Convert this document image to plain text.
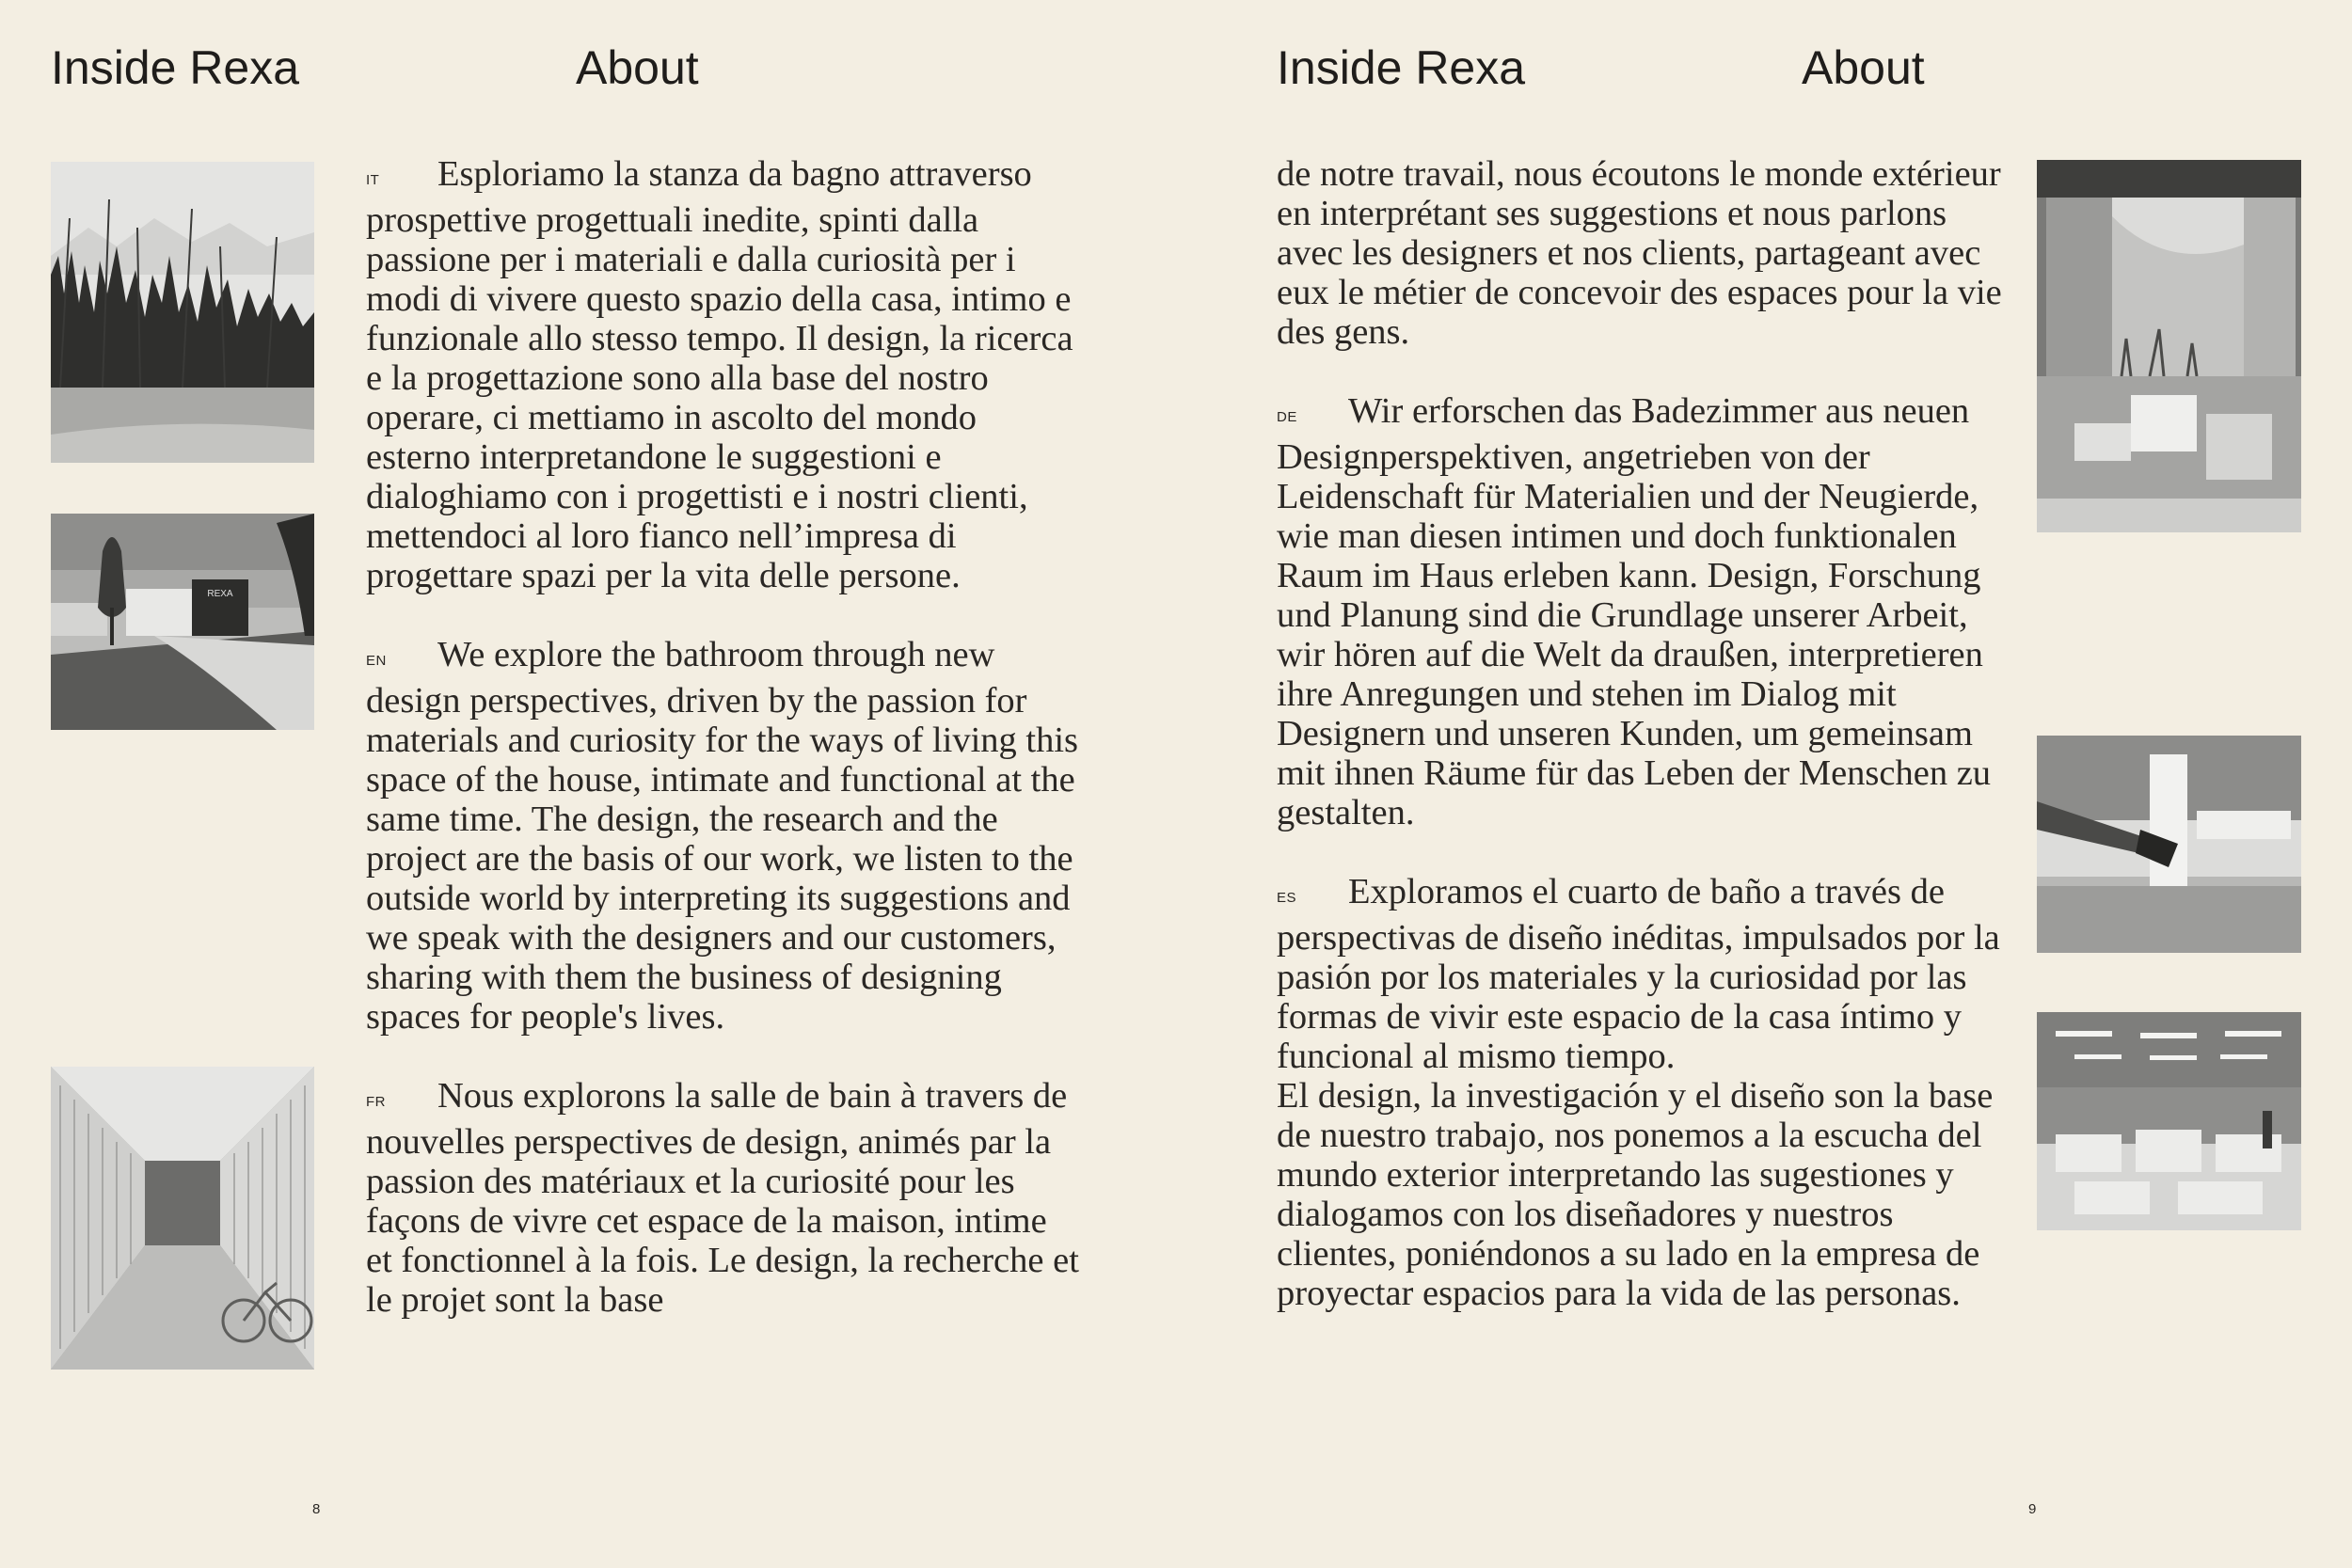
Inside Rexa	About
REXA

IT Esploriamo la stanza da bagno attraverso prospettive progettuali inedite, spinti dalla passione per i materiali e dalla curiosità per i modi di vivere questo spazio della casa, intimo e funzionale allo stesso tempo. Il design, la ricerca e la progettazione sono alla base del nostro operare, ci mettiamo in ascolto del mondo esterno interpretandone le suggestioni e dialoghiamo con i progettisti e i nostri clienti, mettendoci al loro fianco nell’impresa di progettare spazi per la vita delle persone.

EN We explore the bathroom through new design perspectives, driven by the passion for materials and curiosity for the ways of living this space of the house, intimate and functional at the same time. The design, the research and the project are the basis of our work, we listen to the outside world by interpreting its suggestions and we speak with the designers and our customers, sharing with them the business of designing spaces for people's lives.

FR Nous explorons la salle de bain à travers de nouvelles perspectives de design, animés par la passion des matériaux et la curiosité pour les façons de vivre cet espace de la maison, intime et fonctionnel à la fois. Le design, la recherche et le projet sont la base

8
Inside Rexa	About

de notre travail, nous écoutons le monde extérieur en interprétant ses suggestions et nous parlons avec les designers et nos clients, partageant avec eux le métier de concevoir des espaces pour la vie des gens.

DE Wir erforschen das Badezimmer aus neuen Designperspektiven, angetrieben von der Leidenschaft für Materialien und der Neugierde, wie man diesen intimen und doch funktionalen Raum im Haus erleben kann. Design, Forschung und Planung sind die Grundlage unserer Arbeit, wir hören auf die Welt da draußen, interpretieren ihre Anregungen und stehen im Dialog mit Designern und unseren Kunden, um gemeinsam mit ihnen Räume für das Leben der Menschen zu gestalten.

ES Exploramos el cuarto de baño a través de perspectivas de diseño inéditas, impulsados por la pasión por los materiales y la curiosidad por las formas de vivir este espacio de la casa íntimo y funcional al mismo tiempo.

El design, la investigación y el diseño son la base de nuestro trabajo, nos ponemos a la escucha del mundo exterior interpretando las sugestiones y dialogamos con los diseñadores y nuestros clientes, poniéndonos a su lado en la empresa de proyectar espacios para la vida de las personas.

9
